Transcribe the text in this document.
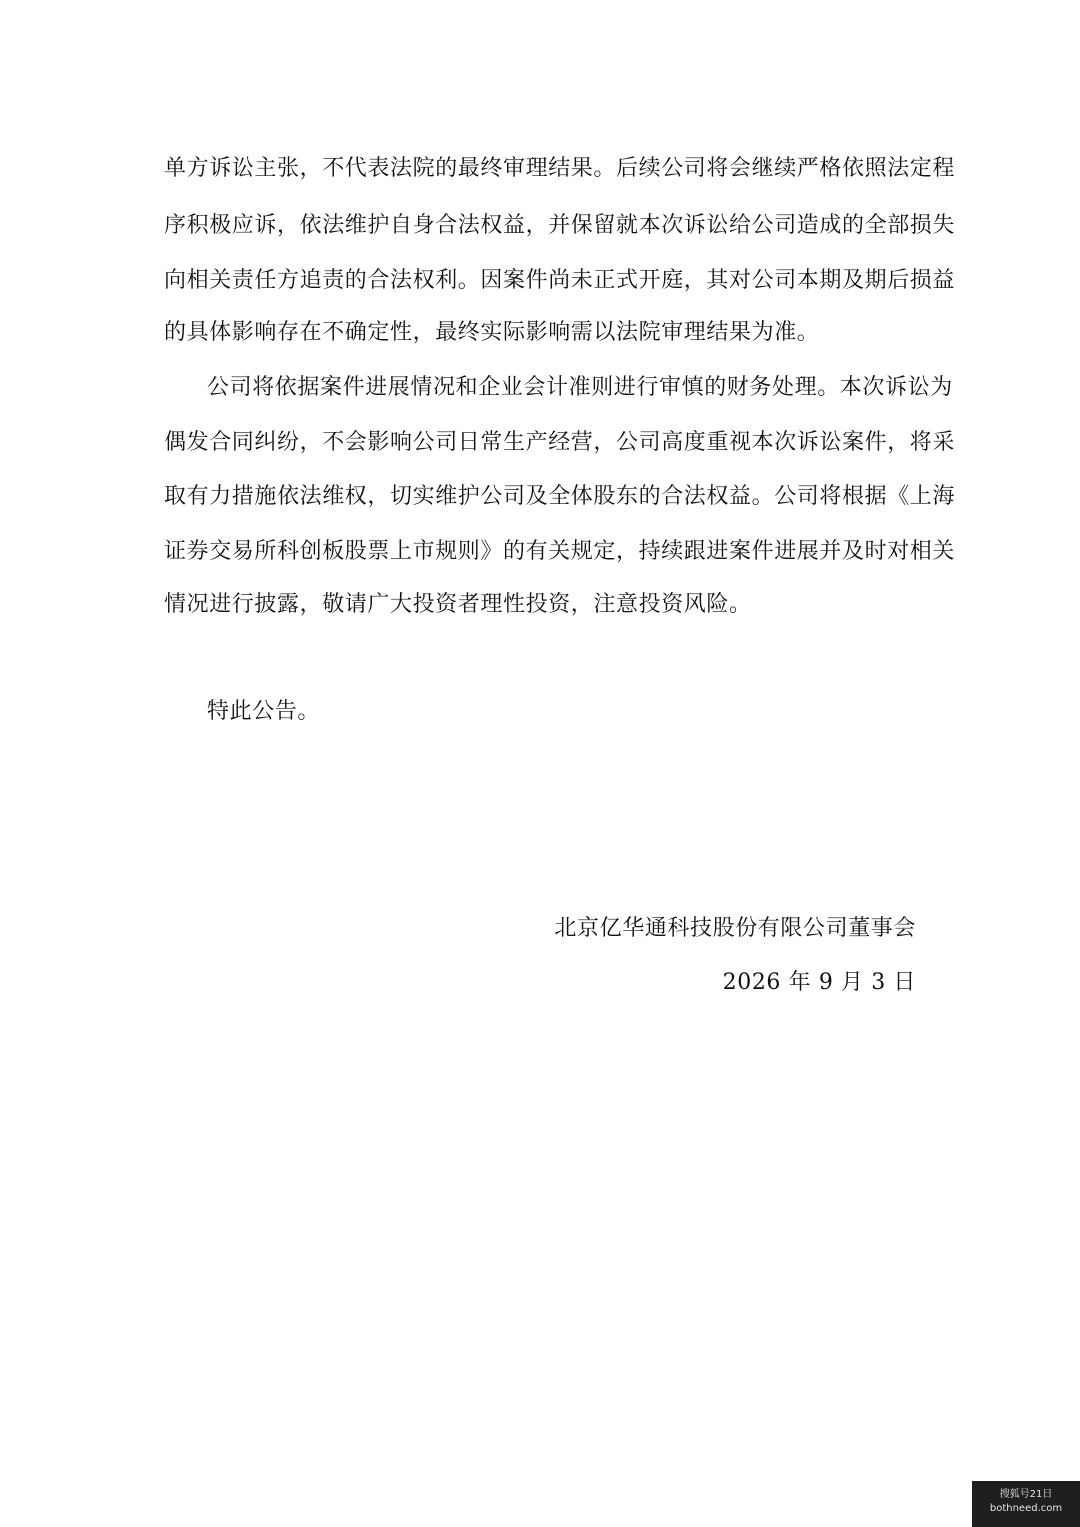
单方诉讼主张，不代表法院的最终审理结果。后续公司将会继续严格依照法定程
序积极应诉，依法维护自身合法权益，并保留就本次诉讼给公司造成的全部损失
向相关责任方追责的合法权利。因案件尚未正式开庭，其对公司本期及期后损益
的具体影响存在不确定性，最终实际影响需以法院审理结果为准。
公司将依据案件进展情况和企业会计准则进行审慎的财务处理。本次诉讼为
偶发合同纠纷，不会影响公司日常生产经营，公司高度重视本次诉讼案件，将采
取有力措施依法维权，切实维护公司及全体股东的合法权益。公司将根据《上海
证券交易所科创板股票上市规则》的有关规定，持续跟进案件进展并及时对相关
情况进行披露，敬请广大投资者理性投资，注意投资风险。
特此公告。
北京亿华通科技股份有限公司董事会
2026 年 9 月 3 日
搜狐号21日
bothneed.com
